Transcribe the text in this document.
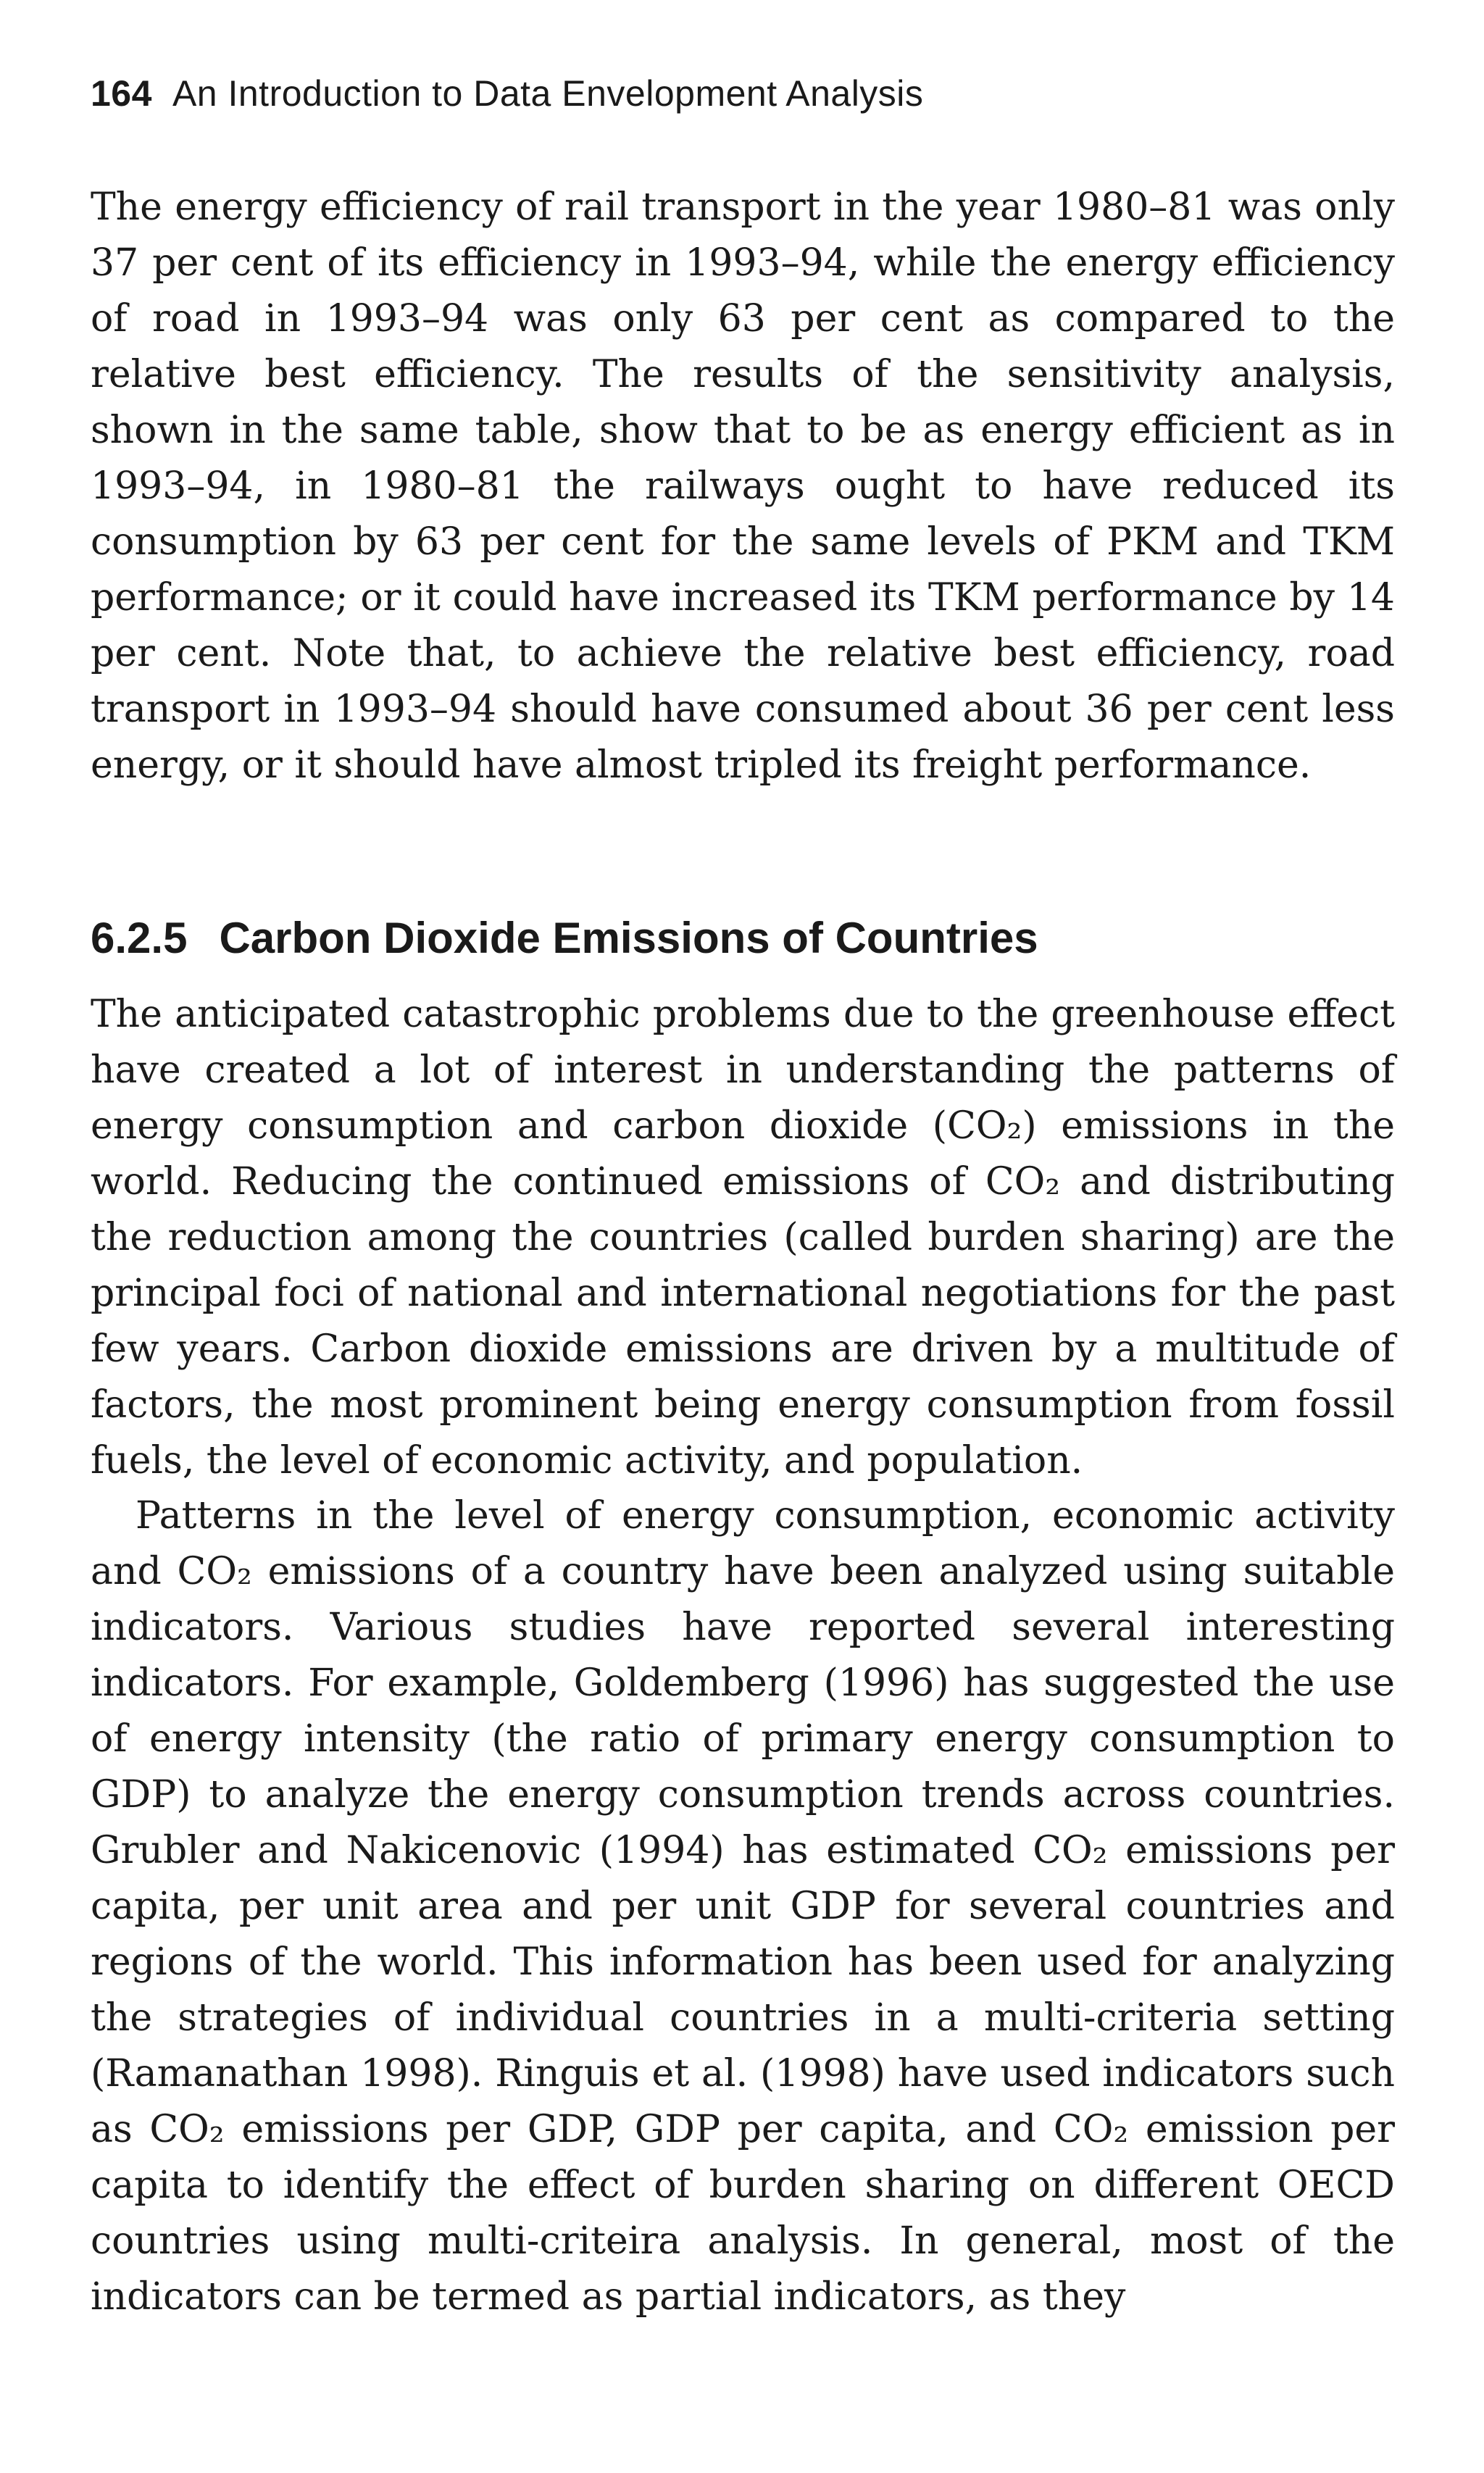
164 An Introduction to Data Envelopment Analysis

The energy efficiency of rail transport in the year 1980–81 was only 37 per cent of its efficiency in 1993–94, while the energy efficiency of road in 1993–94 was only 63 per cent as compared to the relative best efficiency. The results of the sensitivity analysis, shown in the same table, show that to be as energy efficient as in 1993–94, in 1980–81 the railways ought to have reduced its consumption by 63 per cent for the same levels of PKM and TKM performance; or it could have increased its TKM performance by 14 per cent. Note that, to achieve the relative best efficiency, road transport in 1993–94 should have consumed about 36 per cent less energy, or it should have almost tripled its freight performance.

6.2.5 Carbon Dioxide Emissions of Countries

The anticipated catastrophic problems due to the greenhouse effect have created a lot of interest in understanding the patterns of energy consumption and carbon dioxide (CO₂) emissions in the world. Reducing the continued emissions of CO₂ and distributing the reduction among the countries (called burden sharing) are the principal foci of national and international negotiations for the past few years. Carbon dioxide emissions are driven by a multitude of factors, the most prominent being energy consumption from fossil fuels, the level of economic activity, and population.

Patterns in the level of energy consumption, economic activity and CO₂ emissions of a country have been analyzed using suitable indicators. Various studies have reported several interesting indicators. For example, Goldemberg (1996) has suggested the use of energy intensity (the ratio of primary energy consumption to GDP) to analyze the energy consumption trends across countries. Grubler and Nakicenovic (1994) has estimated CO₂ emissions per capita, per unit area and per unit GDP for several countries and regions of the world. This information has been used for analyzing the strategies of individual countries in a multi-criteria setting (Ramanathan 1998). Ringuis et al. (1998) have used indicators such as CO₂ emissions per GDP, GDP per capita, and CO₂ emission per capita to identify the effect of burden sharing on different OECD countries using multi-criteira analysis. In general, most of the indicators can be termed as partial indicators, as they
